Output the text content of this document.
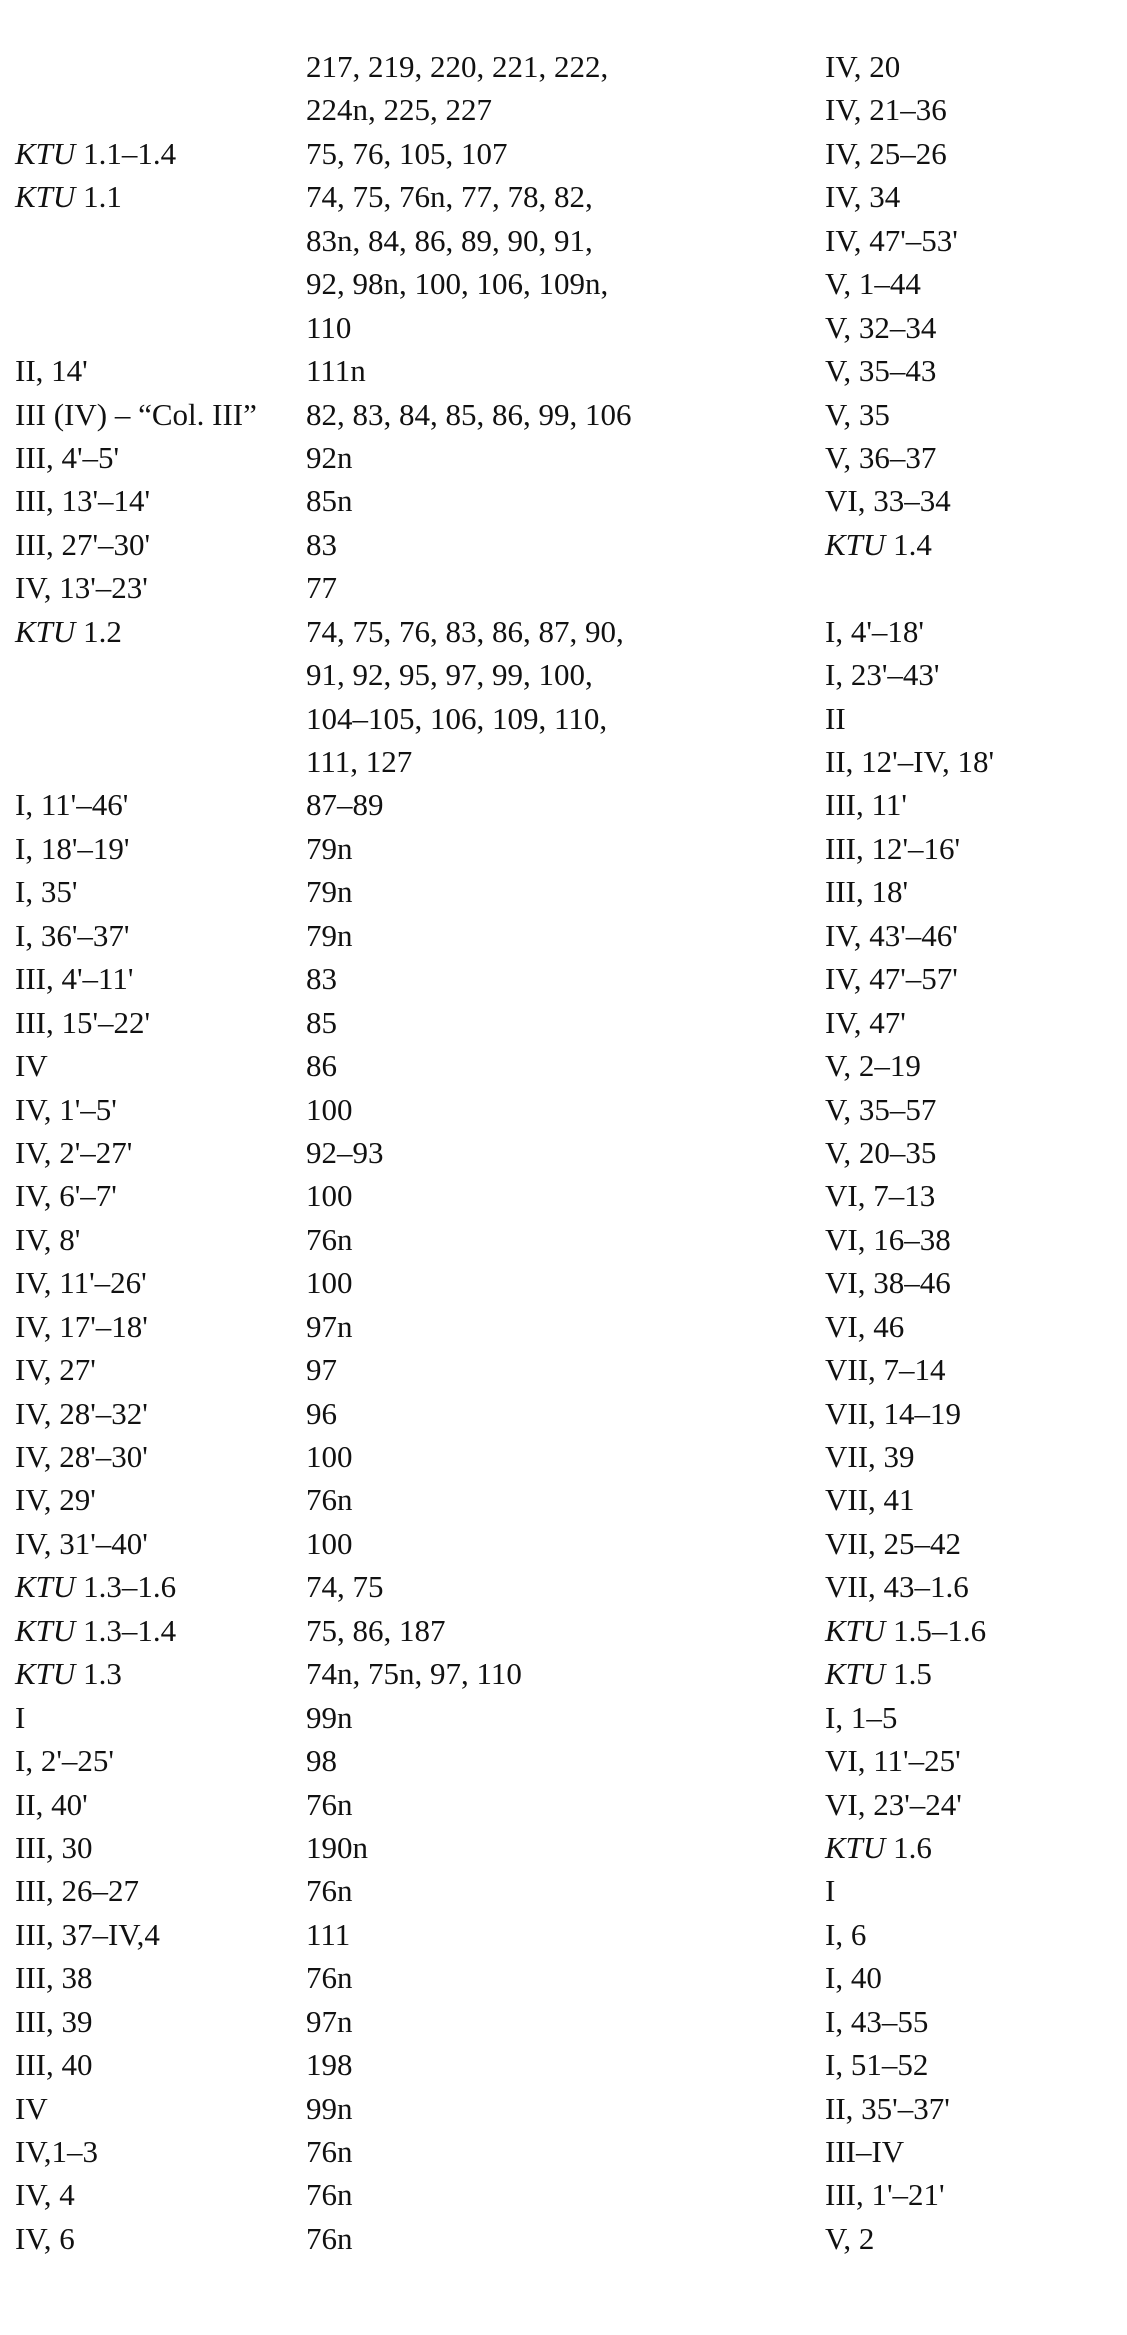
KTU 1.1–1.4
KTU 1.1
II, 14'
III (IV) – “Col. III”
III, 4'–5'
III, 13'–14'
III, 27'–30'
IV, 13'–23'
KTU 1.2
I, 11'–46'
I, 18'–19'
I, 35'
I, 36'–37'
III, 4'–11'
III, 15'–22'
IV
IV, 1'–5'
IV, 2'–27'
IV, 6'–7'
IV, 8'
IV, 11'–26'
IV, 17'–18'
IV, 27'
IV, 28'–32'
IV, 28'–30'
IV, 29'
IV, 31'–40'
KTU 1.3–1.6
KTU 1.3–1.4
KTU 1.3
I
I, 2'–25'
II, 40'
III, 30
III, 26–27
III, 37–IV,4
III, 38
III, 39
III, 40
IV
IV,1–3
IV, 4
IV, 6
217, 219, 220, 221, 222,
224n, 225, 227
75, 76, 105, 107
74, 75, 76n, 77, 78, 82,
83n, 84, 86, 89, 90, 91,
92, 98n, 100, 106, 109n,
110
111n
82, 83, 84, 85, 86, 99, 106
92n
85n
83
77
74, 75, 76, 83, 86, 87, 90,
91, 92, 95, 97, 99, 100,
104–105, 106, 109, 110,
111, 127
87–89
79n
79n
79n
83
85
86
100
92–93
100
76n
100
97n
97
96
100
76n
100
74, 75
75, 86, 187
74n, 75n, 97, 110
99n
98
76n
190n
76n
111
76n
97n
198
99n
76n
76n
76n
IV, 20
IV, 21–36
IV, 25–26
IV, 34
IV, 47'–53'
V, 1–44
V, 32–34
V, 35–43
V, 35
V, 36–37
VI, 33–34
KTU 1.4
I, 4'–18'
I, 23'–43'
II
II, 12'–IV, 18'
III, 11'
III, 12'–16'
III, 18'
IV, 43'–46'
IV, 47'–57'
IV, 47'
V, 2–19
V, 35–57
V, 20–35
VI, 7–13
VI, 16–38
VI, 38–46
VI, 46
VII, 7–14
VII, 14–19
VII, 39
VII, 41
VII, 25–42
VII, 43–1.6
KTU 1.5–1.6
KTU 1.5
I, 1–5
VI, 11'–25'
VI, 23'–24'
KTU 1.6
I
I, 6
I, 40
I, 43–55
I, 51–52
II, 35'–37'
III–IV
III, 1'–21'
V, 2
